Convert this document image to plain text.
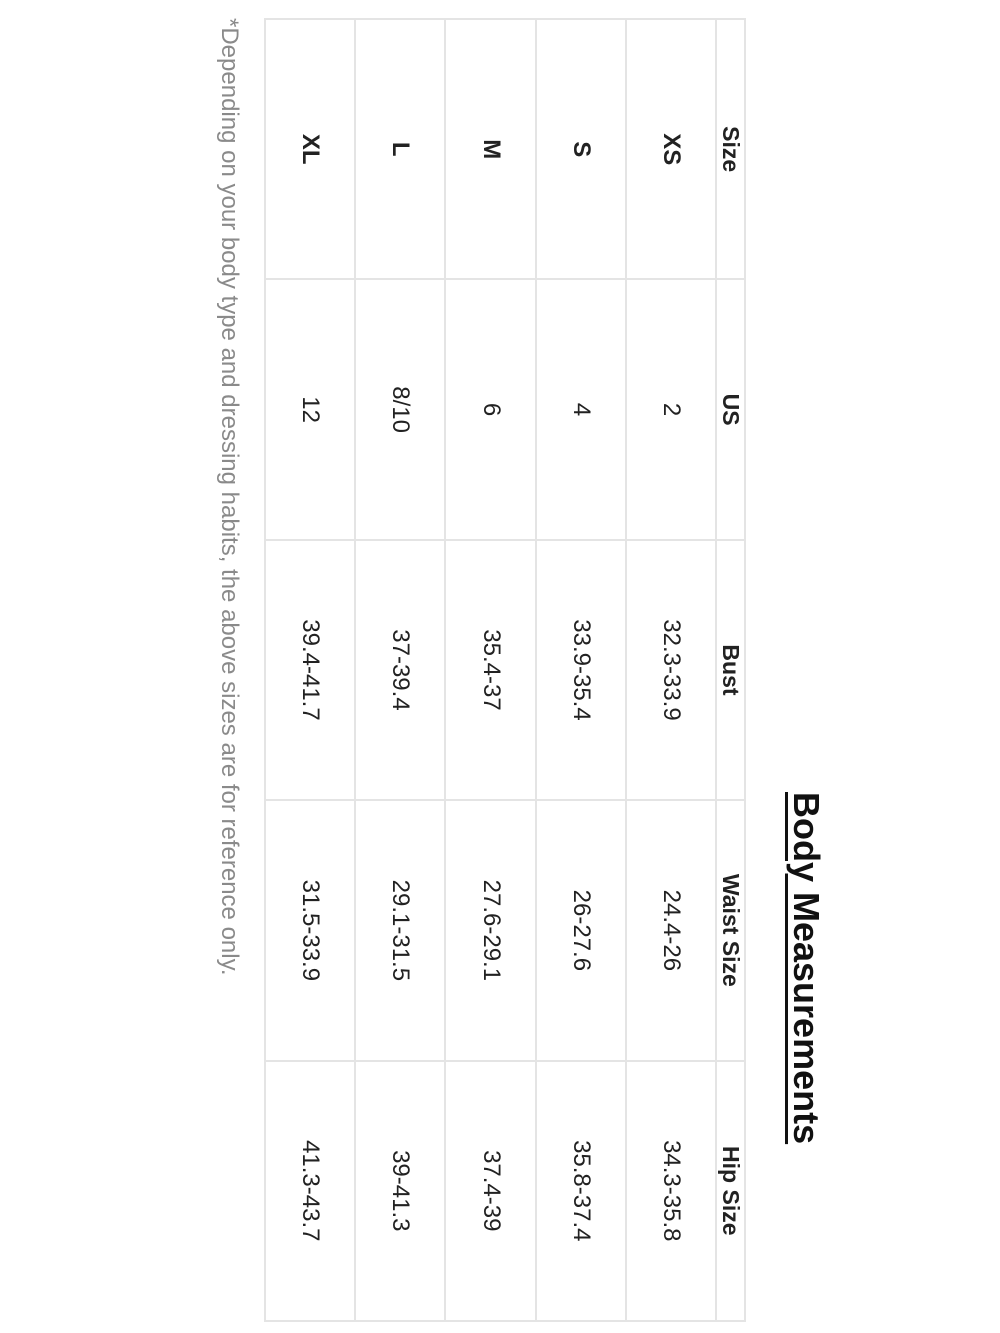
Body Measurements
Size	US	Bust	Waist Size	Hip Size
XS	2	32.3-33.9	24.4-26	34.3-35.8
S	4	33.9-35.4	26-27.6	35.8-37.4
M	6	35.4-37	27.6-29.1	37.4-39
L	8/10	37-39.4	29.1-31.5	39-41.3
XL	12	39.4-41.7	31.5-33.9	41.3-43.7

*Depending on your body type and dressing habits, the above sizes are for reference only.
